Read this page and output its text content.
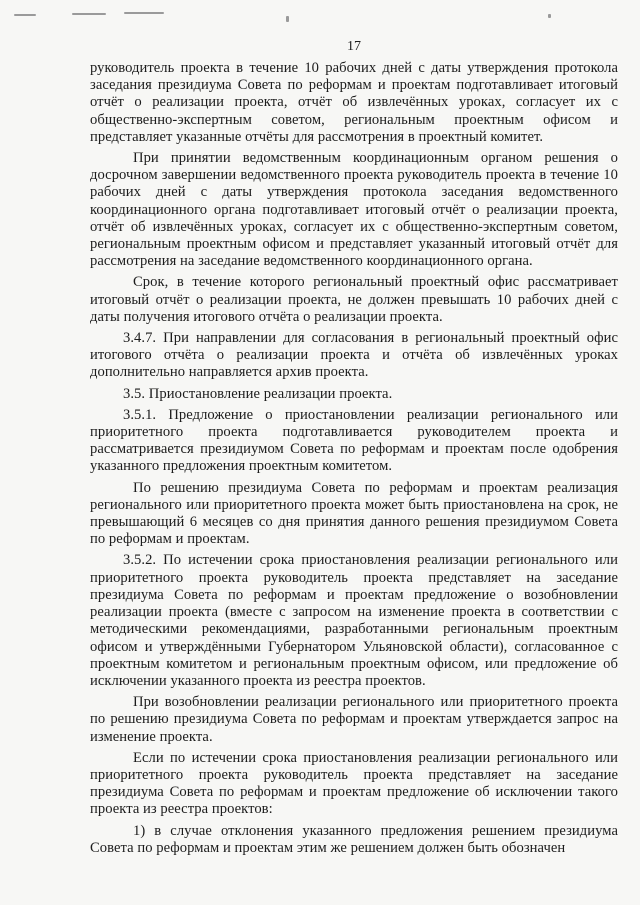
17

руководитель проекта в течение 10 рабочих дней с даты утверждения протокола заседания президиума Совета по реформам и проектам подготавливает итоговый отчёт о реализации проекта, отчёт об извлечённых уроках, согласует их с общественно-экспертным советом, региональным проектным офисом и представляет указанные отчёты для рассмотрения в проектный комитет.

При принятии ведомственным координационным органом решения о досрочном завершении ведомственного проекта руководитель проекта в течение 10 рабочих дней с даты утверждения протокола заседания ведомственного координационного органа подготавливает итоговый отчёт о реализации проекта, отчёт об извлечённых уроках, согласует их с общественно-экспертным советом, региональным проектным офисом и представляет указанный итоговый отчёт для рассмотрения на заседание ведомственного координационного органа.

Срок, в течение которого региональный проектный офис рассматривает итоговый отчёт о реализации проекта, не должен превышать 10 рабочих дней с даты получения итогового отчёта о реализации проекта.

3.4.7. При направлении для согласования в региональный проектный офис итогового отчёта о реализации проекта и отчёта об извлечённых уроках дополнительно направляется архив проекта.

3.5. Приостановление реализации проекта.

3.5.1. Предложение о приостановлении реализации регионального или приоритетного проекта подготавливается руководителем проекта и рассматривается президиумом Совета по реформам и проектам после одобрения указанного предложения проектным комитетом.

По решению президиума Совета по реформам и проектам реализация регионального или приоритетного проекта может быть приостановлена на срок, не превышающий 6 месяцев со дня принятия данного решения президиумом Совета по реформам и проектам.

3.5.2. По истечении срока приостановления реализации регионального или приоритетного проекта руководитель проекта представляет на заседание президиума Совета по реформам и проектам предложение о возобновлении реализации проекта (вместе с запросом на изменение проекта в соответствии с методическими рекомендациями, разработанными региональным проектным офисом и утверждёнными Губернатором Ульяновской области), согласованное с проектным комитетом и региональным проектным офисом, или предложение об исключении указанного проекта из реестра проектов.

При возобновлении реализации регионального или приоритетного проекта по решению президиума Совета по реформам и проектам утверждается запрос на изменение проекта.

Если по истечении срока приостановления реализации регионального или приоритетного проекта руководитель проекта представляет на заседание президиума Совета по реформам и проектам предложение об исключении такого проекта из реестра проектов:

1) в случае отклонения указанного предложения решением президиума Совета по реформам и проектам этим же решением должен быть обозначен
